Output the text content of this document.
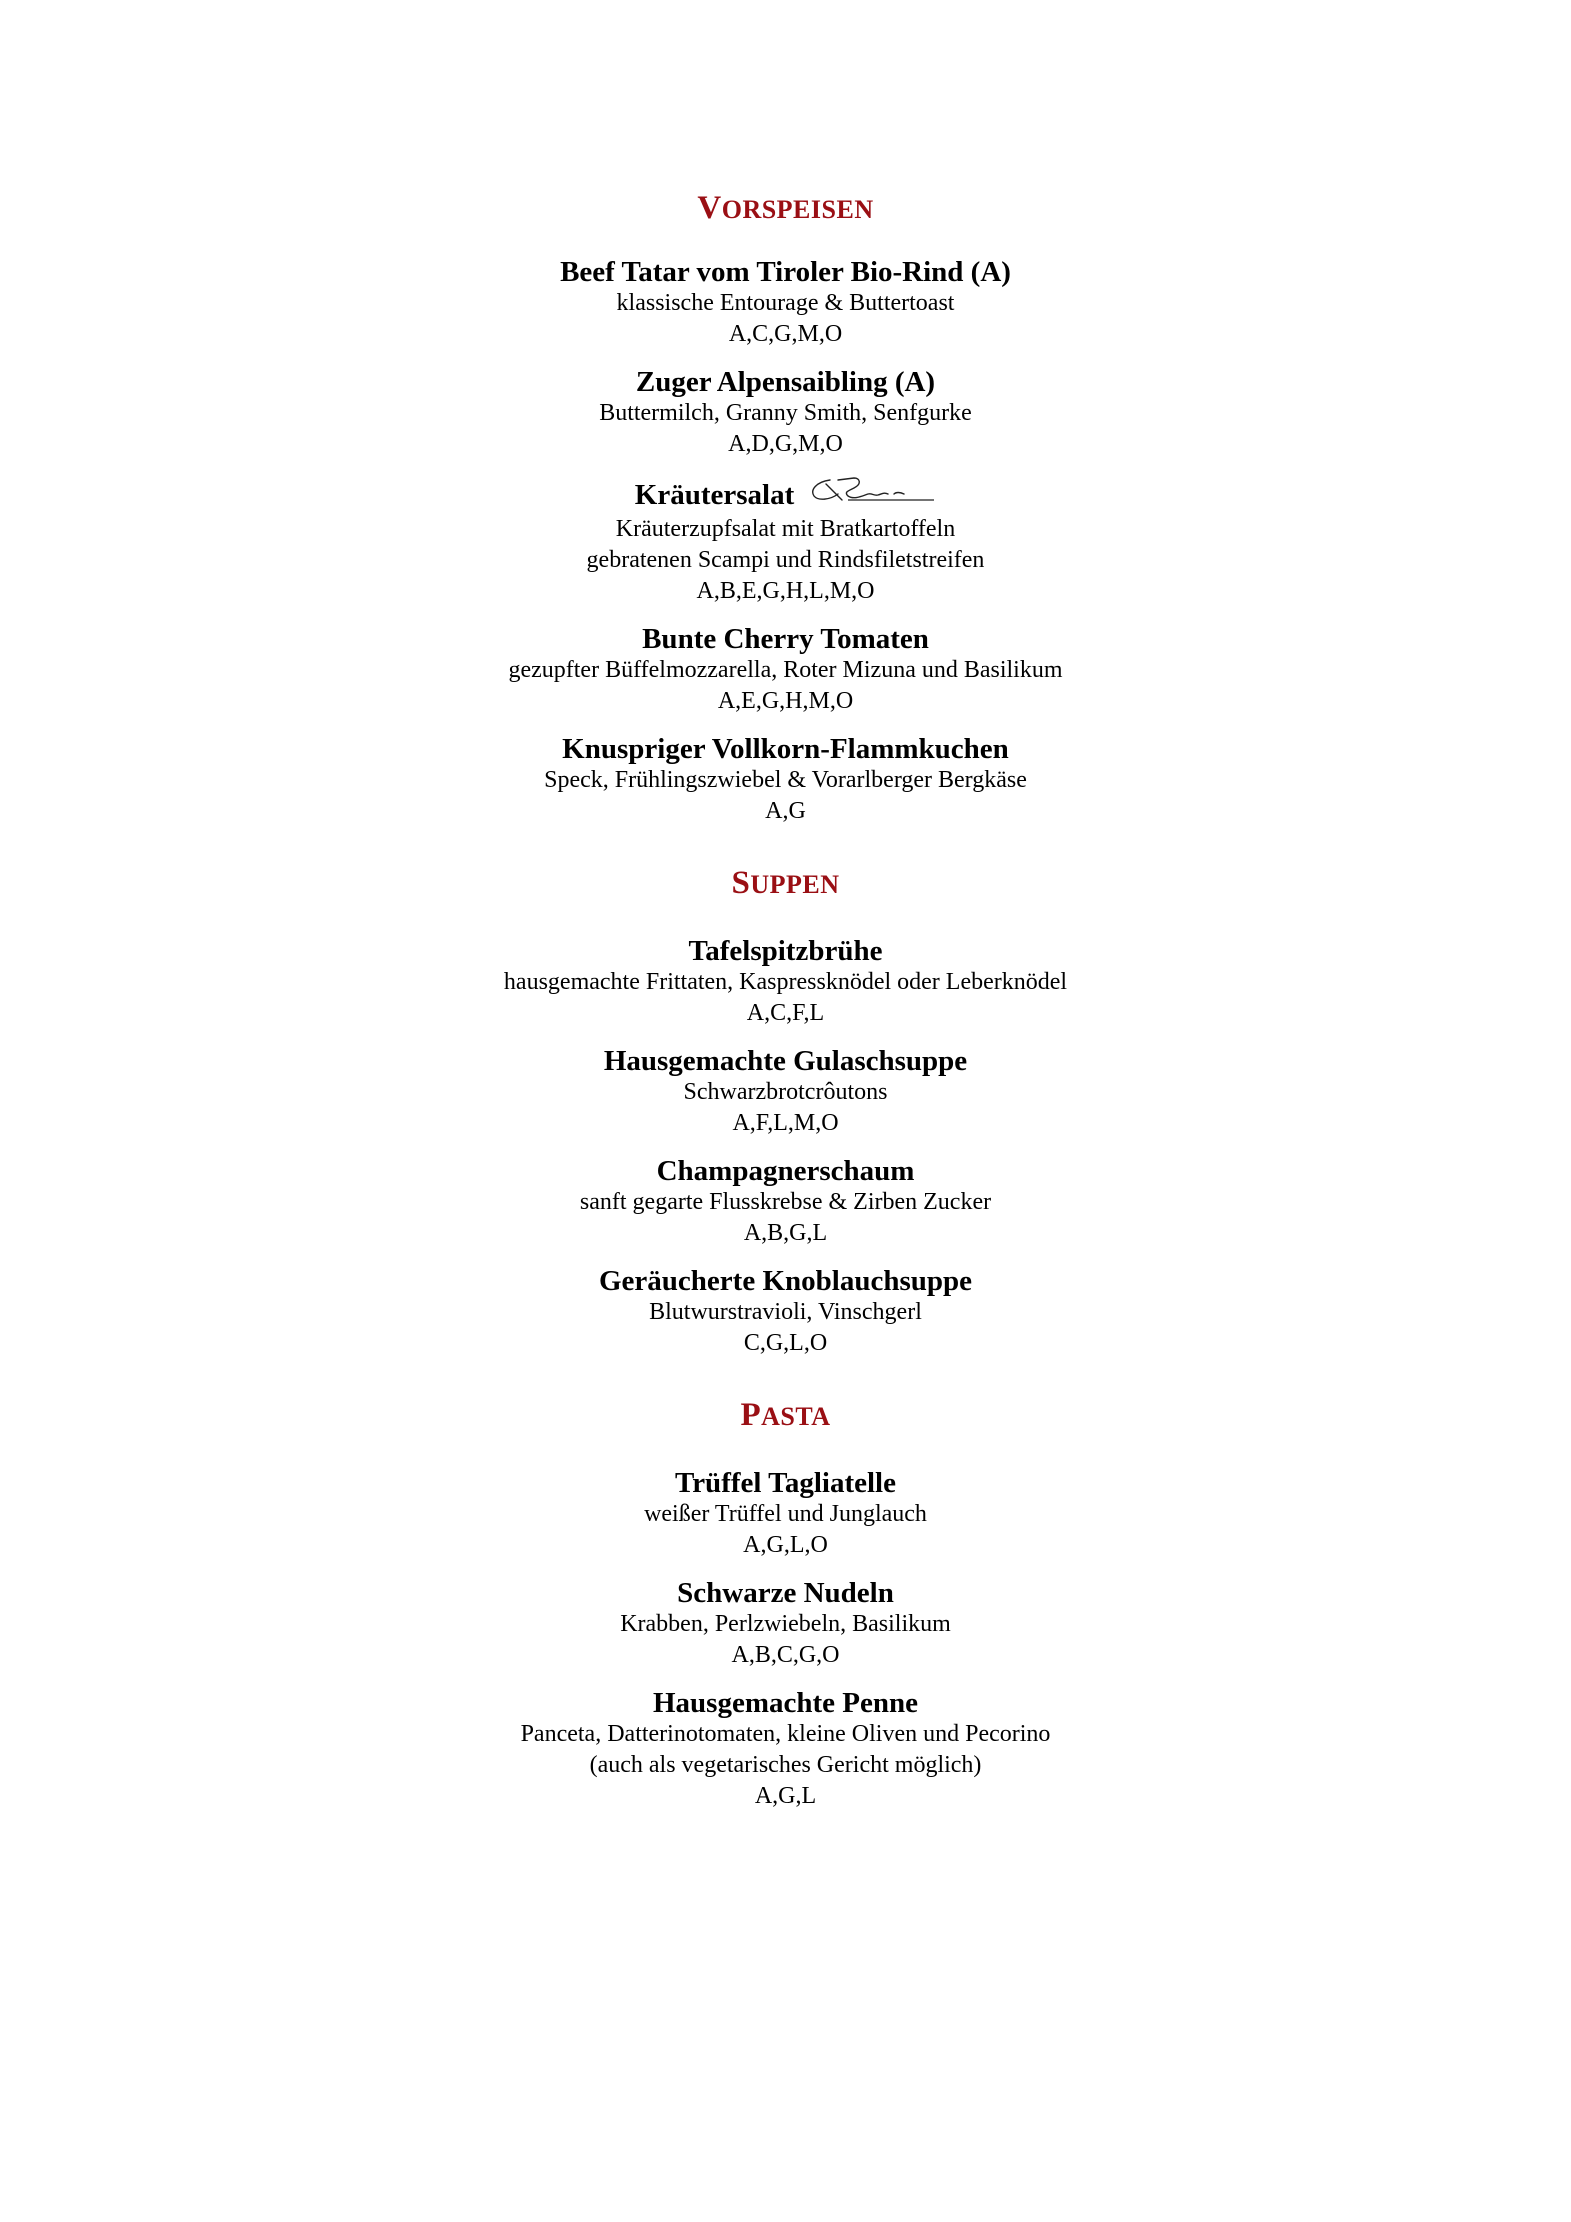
VORSPEISEN
Beef Tatar vom Tiroler Bio-Rind (A)
klassische Entourage & Buttertoast
A,C,G,M,O
Zuger Alpensaibling (A)
Buttermilch, Granny Smith, Senfgurke
A,D,G,M,O
Kräutersalat
Kräuterzupfsalat mit Bratkartoffeln
gebratenen Scampi und Rindsfiletstreifen
A,B,E,G,H,L,M,O
Bunte Cherry Tomaten
gezupfter Büffelmozzarella, Roter Mizuna und Basilikum
A,E,G,H,M,O
Knuspriger Vollkorn-Flammkuchen
Speck, Frühlingszwiebel & Vorarlberger Bergkäse
A,G
SUPPEN
Tafelspitzbrühe
hausgemachte Frittaten, Kaspressknödel oder Leberknödel
A,C,F,L
Hausgemachte Gulaschsuppe
Schwarzbrotcrôutons
A,F,L,M,O
Champagnerschaum
sanft gegarte Flusskrebse & Zirben Zucker
A,B,G,L
Geräucherte Knoblauchsuppe
Blutwurstravioli, Vinschgerl
C,G,L,O
PASTA
Trüffel Tagliatelle
weißer Trüffel und Junglauch
A,G,L,O
Schwarze Nudeln
Krabben, Perlzwiebeln, Basilikum
A,B,C,G,O
Hausgemachte Penne
Panceta, Datterinotomaten, kleine Oliven und Pecorino
(auch als vegetarisches Gericht möglich)
A,G,L
